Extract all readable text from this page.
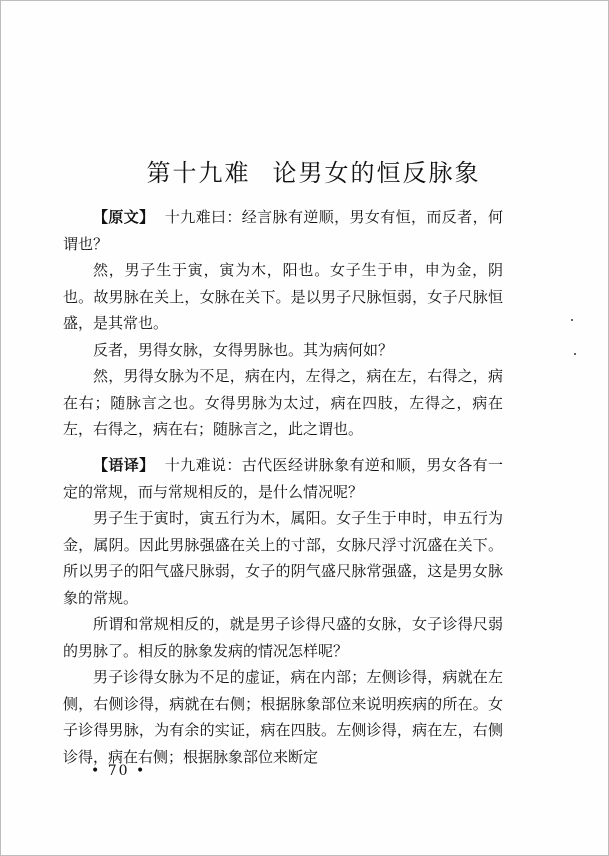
第十九难 论男女的恒反脉象

【原文】 十九难曰：经言脉有逆顺，男女有恒，而反者，何谓也？

然，男子生于寅，寅为木，阳也。女子生于申，申为金，阴也。故男脉在关上，女脉在关下。是以男子尺脉恒弱，女子尺脉恒盛，是其常也。

反者，男得女脉，女得男脉也。其为病何如？

然，男得女脉为不足，病在内，左得之，病在左，右得之，病在右；随脉言之也。女得男脉为太过，病在四肢，左得之，病在左，右得之，病在右；随脉言之，此之谓也。

【语译】 十九难说：古代医经讲脉象有逆和顺，男女各有一定的常规，而与常规相反的，是什么情况呢？

男子生于寅时，寅五行为木，属阳。女子生于申时，申五行为金，属阴。因此男脉强盛在关上的寸部，女脉尺浮寸沉盛在关下。所以男子的阳气盛尺脉弱，女子的阴气盛尺脉常强盛，这是男女脉象的常规。

所谓和常规相反的，就是男子诊得尺盛的女脉，女子诊得尺弱的男脉了。相反的脉象发病的情况怎样呢？

男子诊得女脉为不足的虚证，病在内部；左侧诊得，病就在左侧，右侧诊得，病就在右侧；根据脉象部位来说明疾病的所在。女子诊得男脉，为有余的实证，病在四肢。左侧诊得，病在左，右侧诊得，病在右侧；根据脉象部位来断定

• 70 •
